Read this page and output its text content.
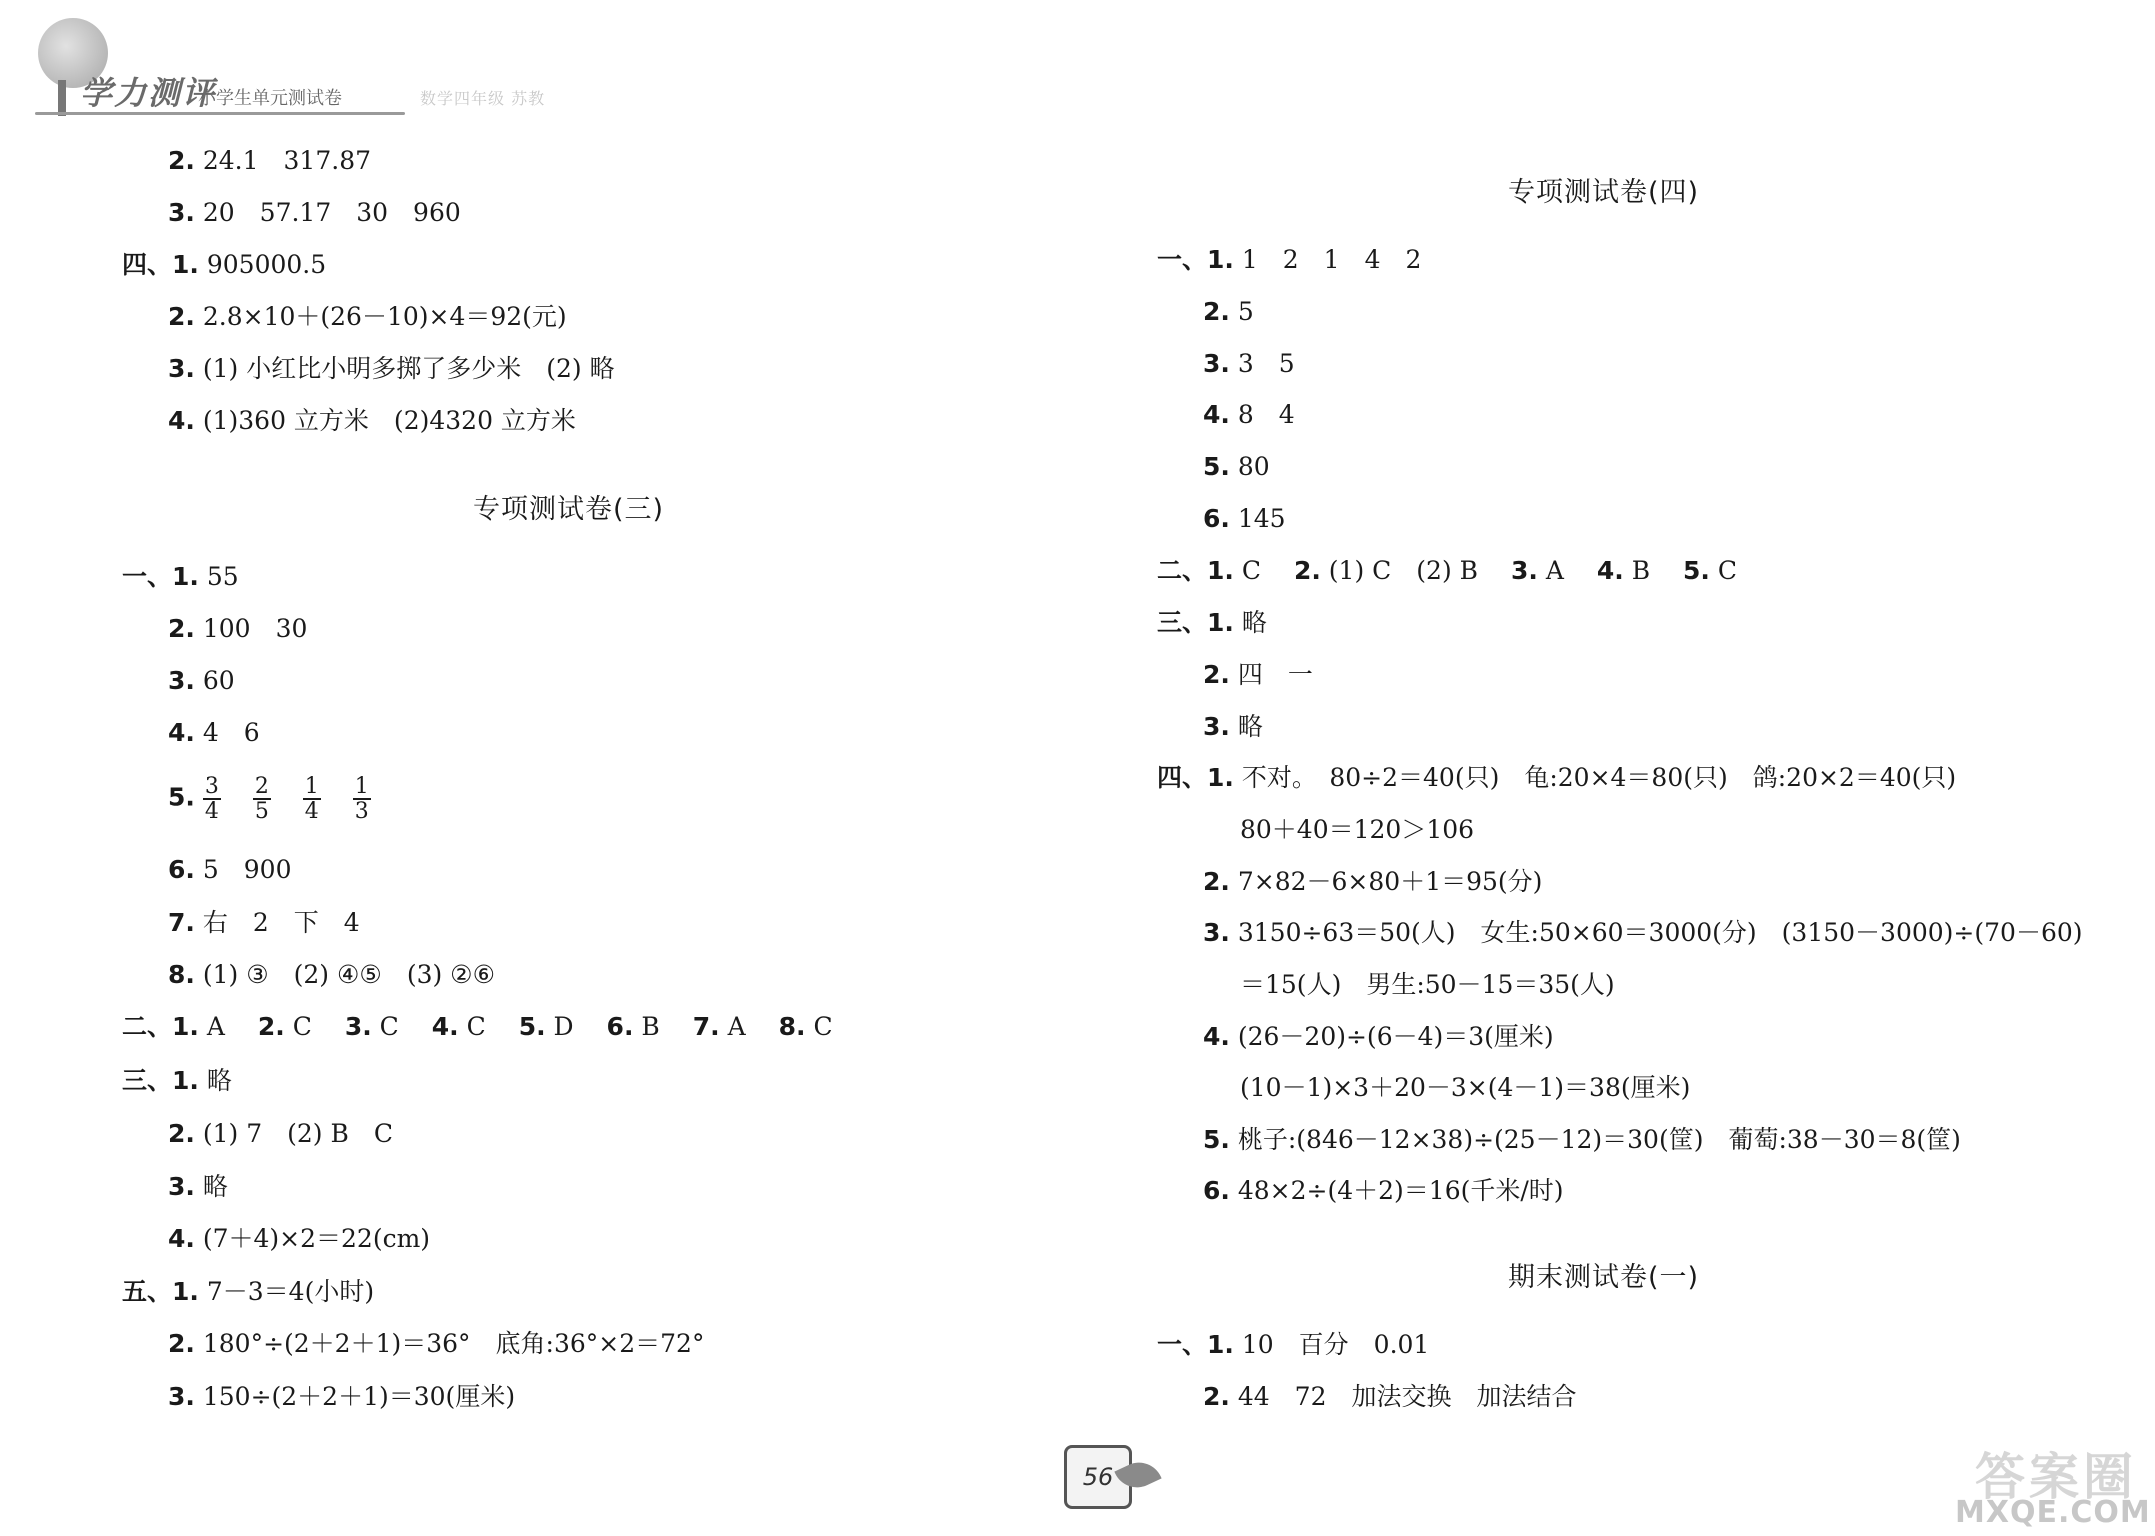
学力测评
小学生单元测试卷	数学四年级 苏教
2. 24.1　317.87
3. 20　57.17　30　960
四、1. 905000.5
2. 2.8×10＋(26－10)×4＝92(元)
3. (1) 小红比小明多掷了多少米　(2) 略
4. (1)360 立方米　(2)4320 立方米
专项测试卷(三)
一、1. 55
2. 100　30
3. 60
4. 4　6
5. $\frac{3}{4}$
$\frac{2}{5}$
$\frac{1}{4}$
$\frac{1}{3}$
6. 5　900
7. 右　2　下　4
8. (1) ③　(2) ④⑤　(3) ②⑥
二、1. A　 2. C　 3. C　 4. C　 5. D　 6. B　 7. A　 8. C
三、1. 略
2. (1) 7　(2) B　C
3. 略
4. (7＋4)×2＝22(cm)
五、1. 7－3＝4(小时)
2. 180°÷(2＋2＋1)＝36°　底角:36°×2＝72°
3. 150÷(2＋2＋1)＝30(厘米)
专项测试卷(四)
一、1. 1　2　1　4　2
2. 5
3. 3　5
4. 8　4
5. 80
6. 145
二、1. C　 2. (1) C　(2) B　 3. A　 4. B　 5. C
三、1. 略
2. 四　一
3. 略
四、1. 不对。　80÷2＝40(只)　龟:20×4＝80(只)　鸽:20×2＝40(只)
80＋40＝120＞106
2. 7×82－6×80＋1＝95(分)
3. 3150÷63＝50(人)　女生:50×60＝3000(分)　(3150－3000)÷(70－60)
＝15(人)　男生:50－15＝35(人)
4. (26－20)÷(6－4)＝3(厘米)
(10－1)×3＋20－3×(4－1)＝38(厘米)
5. 桃子:(846－12×38)÷(25－12)＝30(筐)　葡萄:38－30＝8(筐)
6. 48×2÷(4＋2)＝16(千米/时)
期末测试卷(一)
一、1. 10　百分　0.01
2. 44　72　加法交换　加法结合
56	答案圈
MXQE.COM
